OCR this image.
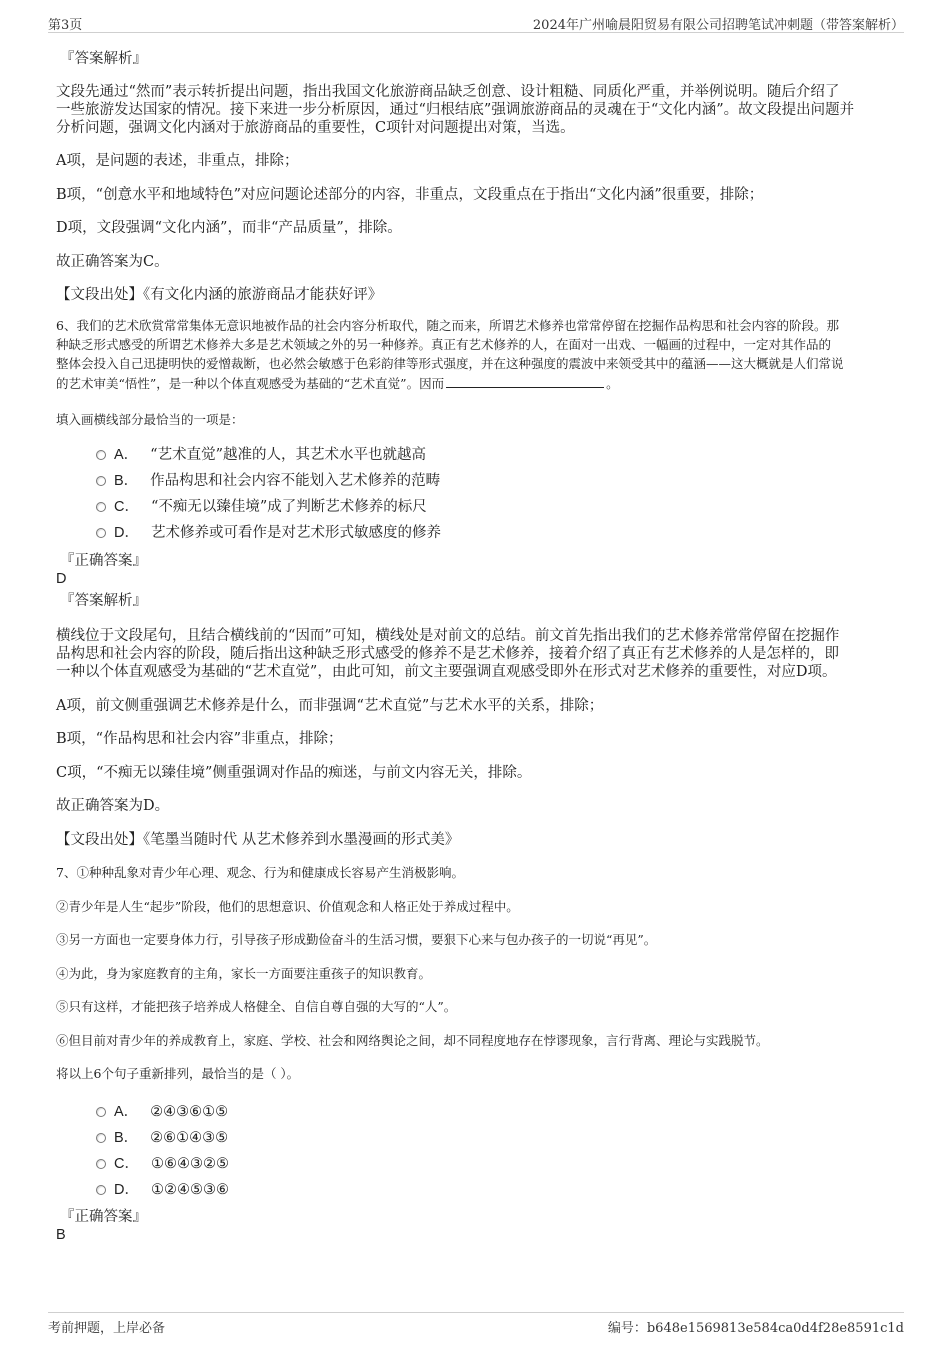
第3页	2024年广州喻晨阳贸易有限公司招聘笔试冲刺题（带答案解析）
『答案解析』
文段先通过“然而”表示转折提出问题，指出我国文化旅游商品缺乏创意、设计粗糙、同质化严重，并举例说明。随后介绍了
一些旅游发达国家的情况。接下来进一步分析原因，通过“归根结底”强调旅游商品的灵魂在于“文化内涵”。故文段提出问题并
分析问题，强调文化内涵对于旅游商品的重要性，C项针对问题提出对策，当选。
A项，是问题的表述，非重点，排除；
B项，“创意水平和地域特色”对应问题论述部分的内容，非重点，文段重点在于指出“文化内涵”很重要，排除；
D项，文段强调“文化内涵”，而非“产品质量”，排除。
故正确答案为C。
【文段出处】《有文化内涵的旅游商品才能获好评》
6、我们的艺术欣赏常常集体无意识地被作品的社会内容分析取代，随之而来，所谓艺术修养也常常停留在挖掘作品构思和社会内容的阶段。那
种缺乏形式感受的所谓艺术修养大多是艺术领域之外的另一种修养。真正有艺术修养的人，在面对一出戏、一幅画的过程中，一定对其作品的
整体会投入自己迅捷明快的爱憎裁断，也必然会敏感于色彩韵律等形式强度，并在这种强度的震波中来领受其中的蕴涵——这大概就是人们常说
的艺术审美“悟性”，是一种以个体直观感受为基础的“艺术直觉”。因而	。
填入画横线部分最恰当的一项是：
A． “艺术直觉”越准的人，其艺术水平也就越高
B． 作品构思和社会内容不能划入艺术修养的范畴
C． “不痴无以臻佳境”成了判断艺术修养的标尺
D． 艺术修养或可看作是对艺术形式敏感度的修养
『正确答案』
D
『答案解析』
横线位于文段尾句，且结合横线前的“因而”可知，横线处是对前文的总结。前文首先指出我们的艺术修养常常停留在挖掘作
品构思和社会内容的阶段，随后指出这种缺乏形式感受的修养不是艺术修养，接着介绍了真正有艺术修养的人是怎样的，即
一种以个体直观感受为基础的“艺术直觉”，由此可知，前文主要强调直观感受即外在形式对艺术修养的重要性，对应D项。
A项，前文侧重强调艺术修养是什么，而非强调“艺术直觉”与艺术水平的关系，排除；
B项，“作品构思和社会内容”非重点，排除；
C项，“不痴无以臻佳境”侧重强调对作品的痴迷，与前文内容无关，排除。
故正确答案为D。
【文段出处】《笔墨当随时代 从艺术修养到水墨漫画的形式美》
7、①种种乱象对青少年心理、观念、行为和健康成长容易产生消极影响。
②青少年是人生“起步”阶段，他们的思想意识、价值观念和人格正处于养成过程中。
③另一方面也一定要身体力行，引导孩子形成勤俭奋斗的生活习惯，要狠下心来与包办孩子的一切说“再见”。
④为此，身为家庭教育的主角，家长一方面要注重孩子的知识教育。
⑤只有这样，才能把孩子培养成人格健全、自信自尊自强的大写的“人”。
⑥但目前对青少年的养成教育上，家庭、学校、社会和网络舆论之间，却不同程度地存在悖谬现象，言行背离、理论与实践脱节。
将以上6个句子重新排列，最恰当的是（ ）。
A． ②④③⑥①⑤
B． ②⑥①④③⑤
C． ①⑥④③②⑤
D． ①②④⑤③⑥
『正确答案』
B
考前押题，上岸必备	编号：b648e1569813e584ca0d4f28e8591c1d
